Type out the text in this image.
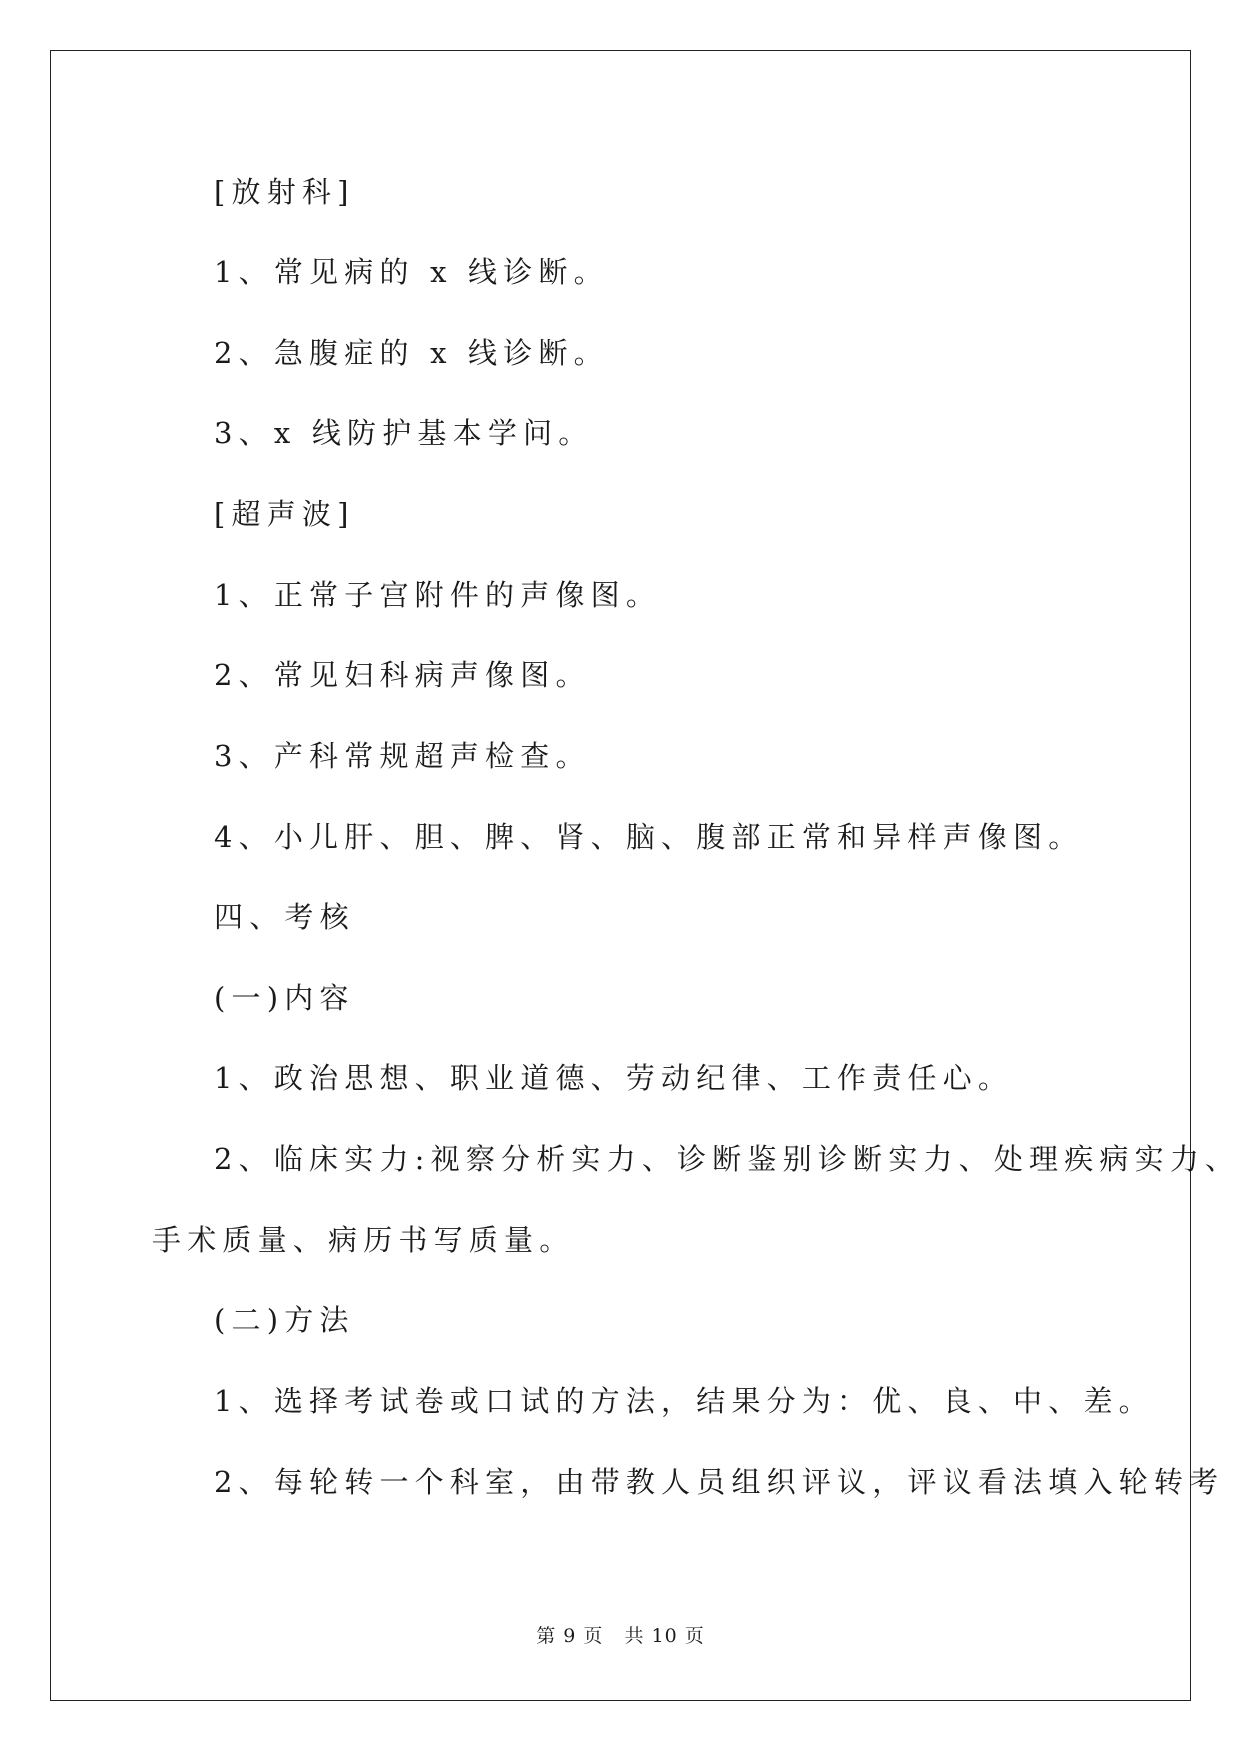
[放射科]
1、常见病的 x 线诊断。
2、急腹症的 x 线诊断。
3、x 线防护基本学问。
[超声波]
1、正常子宫附件的声像图。
2、常见妇科病声像图。
3、产科常规超声检查。
4、小儿肝、胆、脾、肾、脑、腹部正常和异样声像图。
四、考核
(一)内容
1、政治思想、职业道德、劳动纪律、工作责任心。
2、临床实力:视察分析实力、诊断鉴别诊断实力、处理疾病实力、
手术质量、病历书写质量。
(二)方法
1、选择考试卷或口试的方法，结果分为：优、良、中、差。
2、每轮转一个科室，由带教人员组织评议，评议看法填入轮转考
第 9 页   共 10 页
